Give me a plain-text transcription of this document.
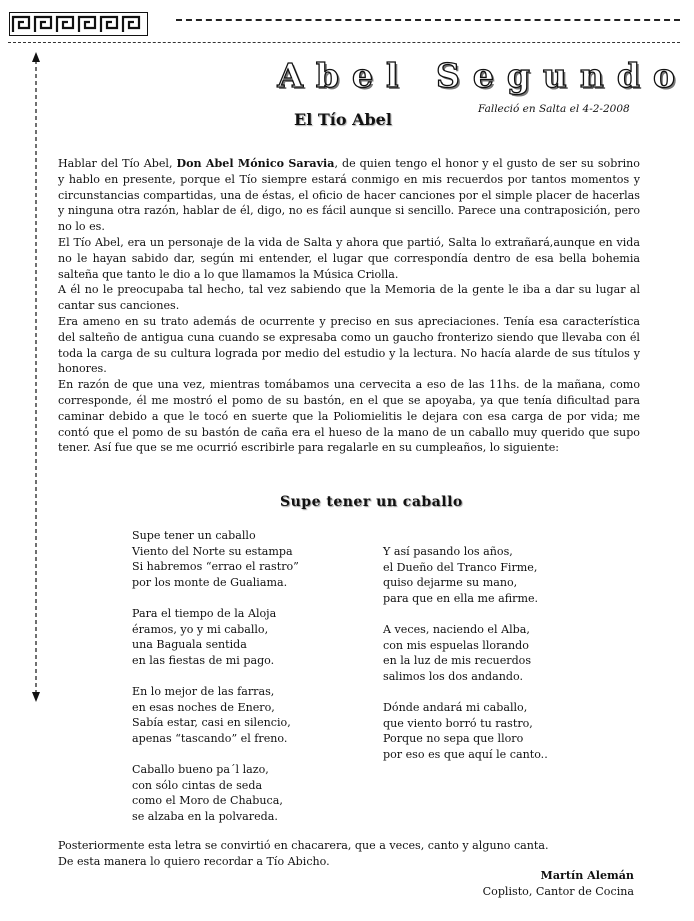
Abel Segundo
Falleció en Salta el 4-2-2008
El Tío Abel

Hablar del Tío Abel, Don Abel Mónico Saravia, de quien tengo el honor y el gusto de ser su sobrino y hablo en presente, porque el Tío siempre estará conmigo en mis recuerdos por tantos momentos y circunstancias compartidas, una de éstas, el oficio de hacer canciones por el simple placer de hacerlas y ninguna otra razón, hablar de él, digo, no es fácil aunque si sencillo. Parece una contraposición, pero no lo es.

El Tío Abel, era un personaje de la vida de Salta y ahora que partió, Salta lo extrañará,aunque en vida no le hayan sabido dar, según mi entender, el lugar que correspondía dentro de esa bella bohemia salteña que tanto le dio a lo que llamamos la Música Criolla.

A él no le preocupaba tal hecho, tal vez sabiendo que la Memoria de la gente le iba a dar su lugar al cantar sus canciones.

Era ameno en su trato además de ocurrente y preciso en sus apreciaciones. Tenía esa característica del salteño de antigua cuna cuando se expresaba como un gaucho fronterizo siendo que llevaba con él toda la carga de su cultura lograda por medio del estudio y la lectura. No hacía alarde de sus títulos y honores.

En razón de que una vez, mientras tomábamos una cervecita a eso de las 11hs. de la mañana, como corresponde, él me mostró el pomo de su bastón, en el que se apoyaba, ya que tenía dificultad para caminar debido a que le tocó en suerte que la Poliomielitis le dejara con esa carga de por vida; me contó que el pomo de su bastón de caña era el hueso de la mano de un caballo muy querido que supo tener. Así fue que se me ocurrió escribirle para regalarle en su cumpleaños, lo siguiente:

Supe tener un caballo
Supe tener un caballo
Viento del Norte su estampa
Si habremos “errao el rastro”
por los monte de Gualiama.
Para el tiempo de la Aloja
éramos, yo y mi caballo,
una Baguala sentida
en las fiestas de mi pago.
En lo mejor de las farras,
en esas noches de Enero,
Sabía estar, casi en silencio,
apenas “tascando” el freno.
Caballo bueno pa´l lazo,
con sólo cintas de seda
como el Moro de Chabuca,
se alzaba en la polvareda.
Y así pasando los años,
el Dueño del Tranco Firme,
quiso dejarme su mano,
para que en ella me afirme.
A veces, naciendo el Alba,
con mis espuelas llorando
en la luz de mis recuerdos
salimos los dos andando.
Dónde andará mi caballo,
que viento borró tu rastro,
Porque no sepa que lloro
por eso es que aquí le canto..
Posteriormente esta letra se convirtió en chacarera, que a veces, canto y alguno canta.
De esta manera lo quiero recordar a Tío Abicho.
Martín Alemán
Coplisto, Cantor de Cocina
